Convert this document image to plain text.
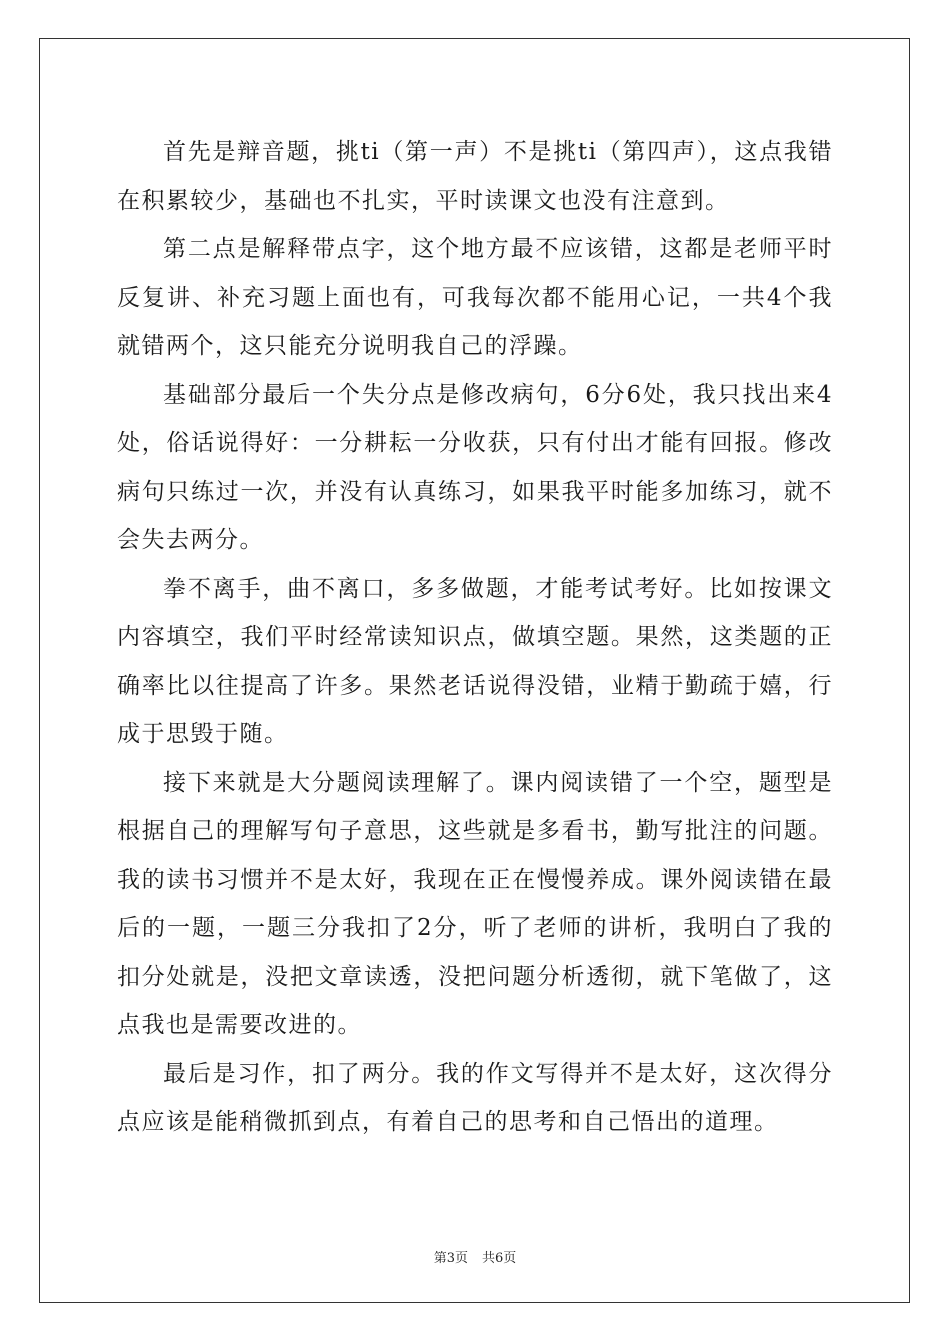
首先是辩音题，挑ti（第一声）不是挑ti（第四声），这点我错在积累较少，基础也不扎实，平时读课文也没有注意到。

第二点是解释带点字，这个地方最不应该错，这都是老师平时反复讲、补充习题上面也有，可我每次都不能用心记，一共4个我就错两个，这只能充分说明我自己的浮躁。

基础部分最后一个失分点是修改病句，6分6处，我只找出来4处，俗话说得好：一分耕耘一分收获，只有付出才能有回报。修改病句只练过一次，并没有认真练习，如果我平时能多加练习，就不会失去两分。

拳不离手，曲不离口，多多做题，才能考试考好。比如按课文内容填空，我们平时经常读知识点，做填空题。果然，这类题的正确率比以往提高了许多。果然老话说得没错，业精于勤疏于嬉，行成于思毁于随。

接下来就是大分题阅读理解了。课内阅读错了一个空，题型是根据自己的理解写句子意思，这些就是多看书，勤写批注的问题。我的读书习惯并不是太好，我现在正在慢慢养成。课外阅读错在最后的一题，一题三分我扣了2分，听了老师的讲析，我明白了我的扣分处就是，没把文章读透，没把问题分析透彻，就下笔做了，这点我也是需要改进的。

最后是习作，扣了两分。我的作文写得并不是太好，这次得分点应该是能稍微抓到点，有着自己的思考和自己悟出的道理。

第3页 共6页
